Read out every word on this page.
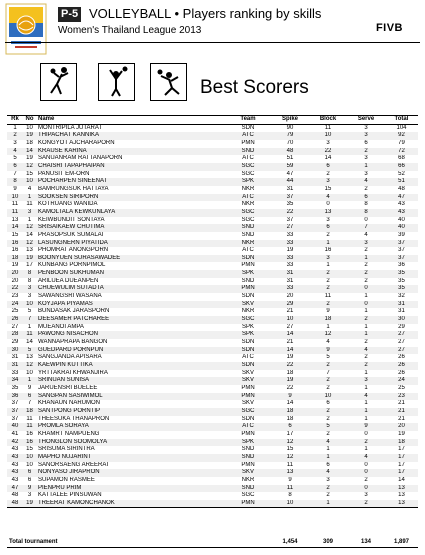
P-5 VOLLEYBALL • Players ranking by skills
Women's Thailand League 2013	FIVB
Best Scorers
Rk	No	Name	Team	Spike	Block	Serve	Total
1	10	MONTRIPILA JUTARAT	SDN	90	11	3	104
2	19	THIPACHAT KANNIKA	ATC	79	10	3	92
3	18	KONGYOT AJCHARAPORN	PMN	70	3	6	79
4	14	KRAUSE KARINA	SND	48	22	2	72
5	19	SANUANRAM RATTANAPORN	ATC	51	14	3	68
6	12	CHAISRI TAPAPHAIPAN	SGC	59	6	1	66
7	15	PANUSIT EM-ORN	SGC	47	2	3	52
8	10	POCHARPEN SINEENAT	SPK	44	3	4	51
9	4	BAMRUNGSUK HATTAYA	NKR	31	15	2	48
10	1	SOOKSEN SIRIPORN	ATC	37	4	6	47
11	11	KOTRUANG WANIDA	NKR	35	0	8	43
11	3	KAMOLTALA KEWKUNLAYA	SGC	22	13	8	43
13	1	KEIWBUNDIT SONTAYA	SGC	37	3	0	40
14	12	SRISAIKAEW CHUTIMA	SND	27	6	7	40
15	14	PRASOPSUK SUMALAI	SND	33	2	4	39
16	12	LASUNGNERN PIYATIDA	NKR	33	1	3	37
16	13	PHOMRAT ANONGPORN	ATC	19	16	2	37
18	19	BOONYUEN SURASAWADEE	SDN	33	3	1	37
19	17	KUNBANG PORNPIMOL	PMN	33	1	2	36
20	8	PENBOON SUKHUMAN	SPK	31	2	2	35
20	8	ARILUEA DUEANPEN	SND	31	2	2	35
22	3	CHUEWULIM SUTADTA	PMN	33	2	0	35
23	3	SAWANGSRI WASANA	SDN	20	11	1	32
24	10	KOYJAPA PIYAMAS	SKV	29	2	0	31
25	5	BUNDASAK JARASPORN	NKR	21	9	1	31
26	7	DEESAMER PATCHAREE	SGC	10	18	2	30
27	1	MUEANOI AMPA	SPK	27	1	1	29
28	11	PAWONG NISACHON	SPK	14	12	1	27
29	14	WANNAPRAPA BANGON	SDN	21	4	2	27
30	5	GUEDPARD PORNPUN	SDN	14	9	4	27
31	13	SANGJANDA APISARA	ATC	19	5	2	26
31	12	KAEWPIN KUTTIKA	SDN	22	2	2	26
33	10	YRTTAKRAI KHWANJIRA	SKV	18	7	1	26
34	1	SRINUAN SUNISA	SKV	19	2	3	24
35	9	JARUENSRI BUELEE	PMN	22	2	1	25
36	6	SANGPAN SASIWIMOL	PMN	9	10	4	23
37	7	KHANAUN NARUMON	SKV	14	6	1	21
37	18	SANTPONG PORNTIP	SGC	18	2	1	21
37	11	THEESUKA THANAPRON	SDN	18	2	1	21
40	11	PROMLA SORAYA	ATC	6	5	9	20
41	16	KHAMRT NAMPUENG	PMN	17	2	0	19
42	16	THONGLON SOOMOLYA	SPK	12	4	2	18
43	15	SRISUMA SIRINTRA	SND	15	1	1	17
43	10	MAPHO NUJARINT	SND	12	1	4	17
43	10	SANORSAENG AREERAT	PMN	11	6	0	17
43	6	NONYASO JIRAPRON	SKV	13	4	0	17
43	6	SUPAMON RASMEE	NKR	9	3	2	14
47	9	PIENPRU PRIM	SND	11	2	0	13
48	3	KATTALEE PINSUWAN	SGC	8	2	3	13
48	19	TREERAT KAMONCHANOK	PMN	10	1	2	13
Total tournament		1,454	309	134	1,897
